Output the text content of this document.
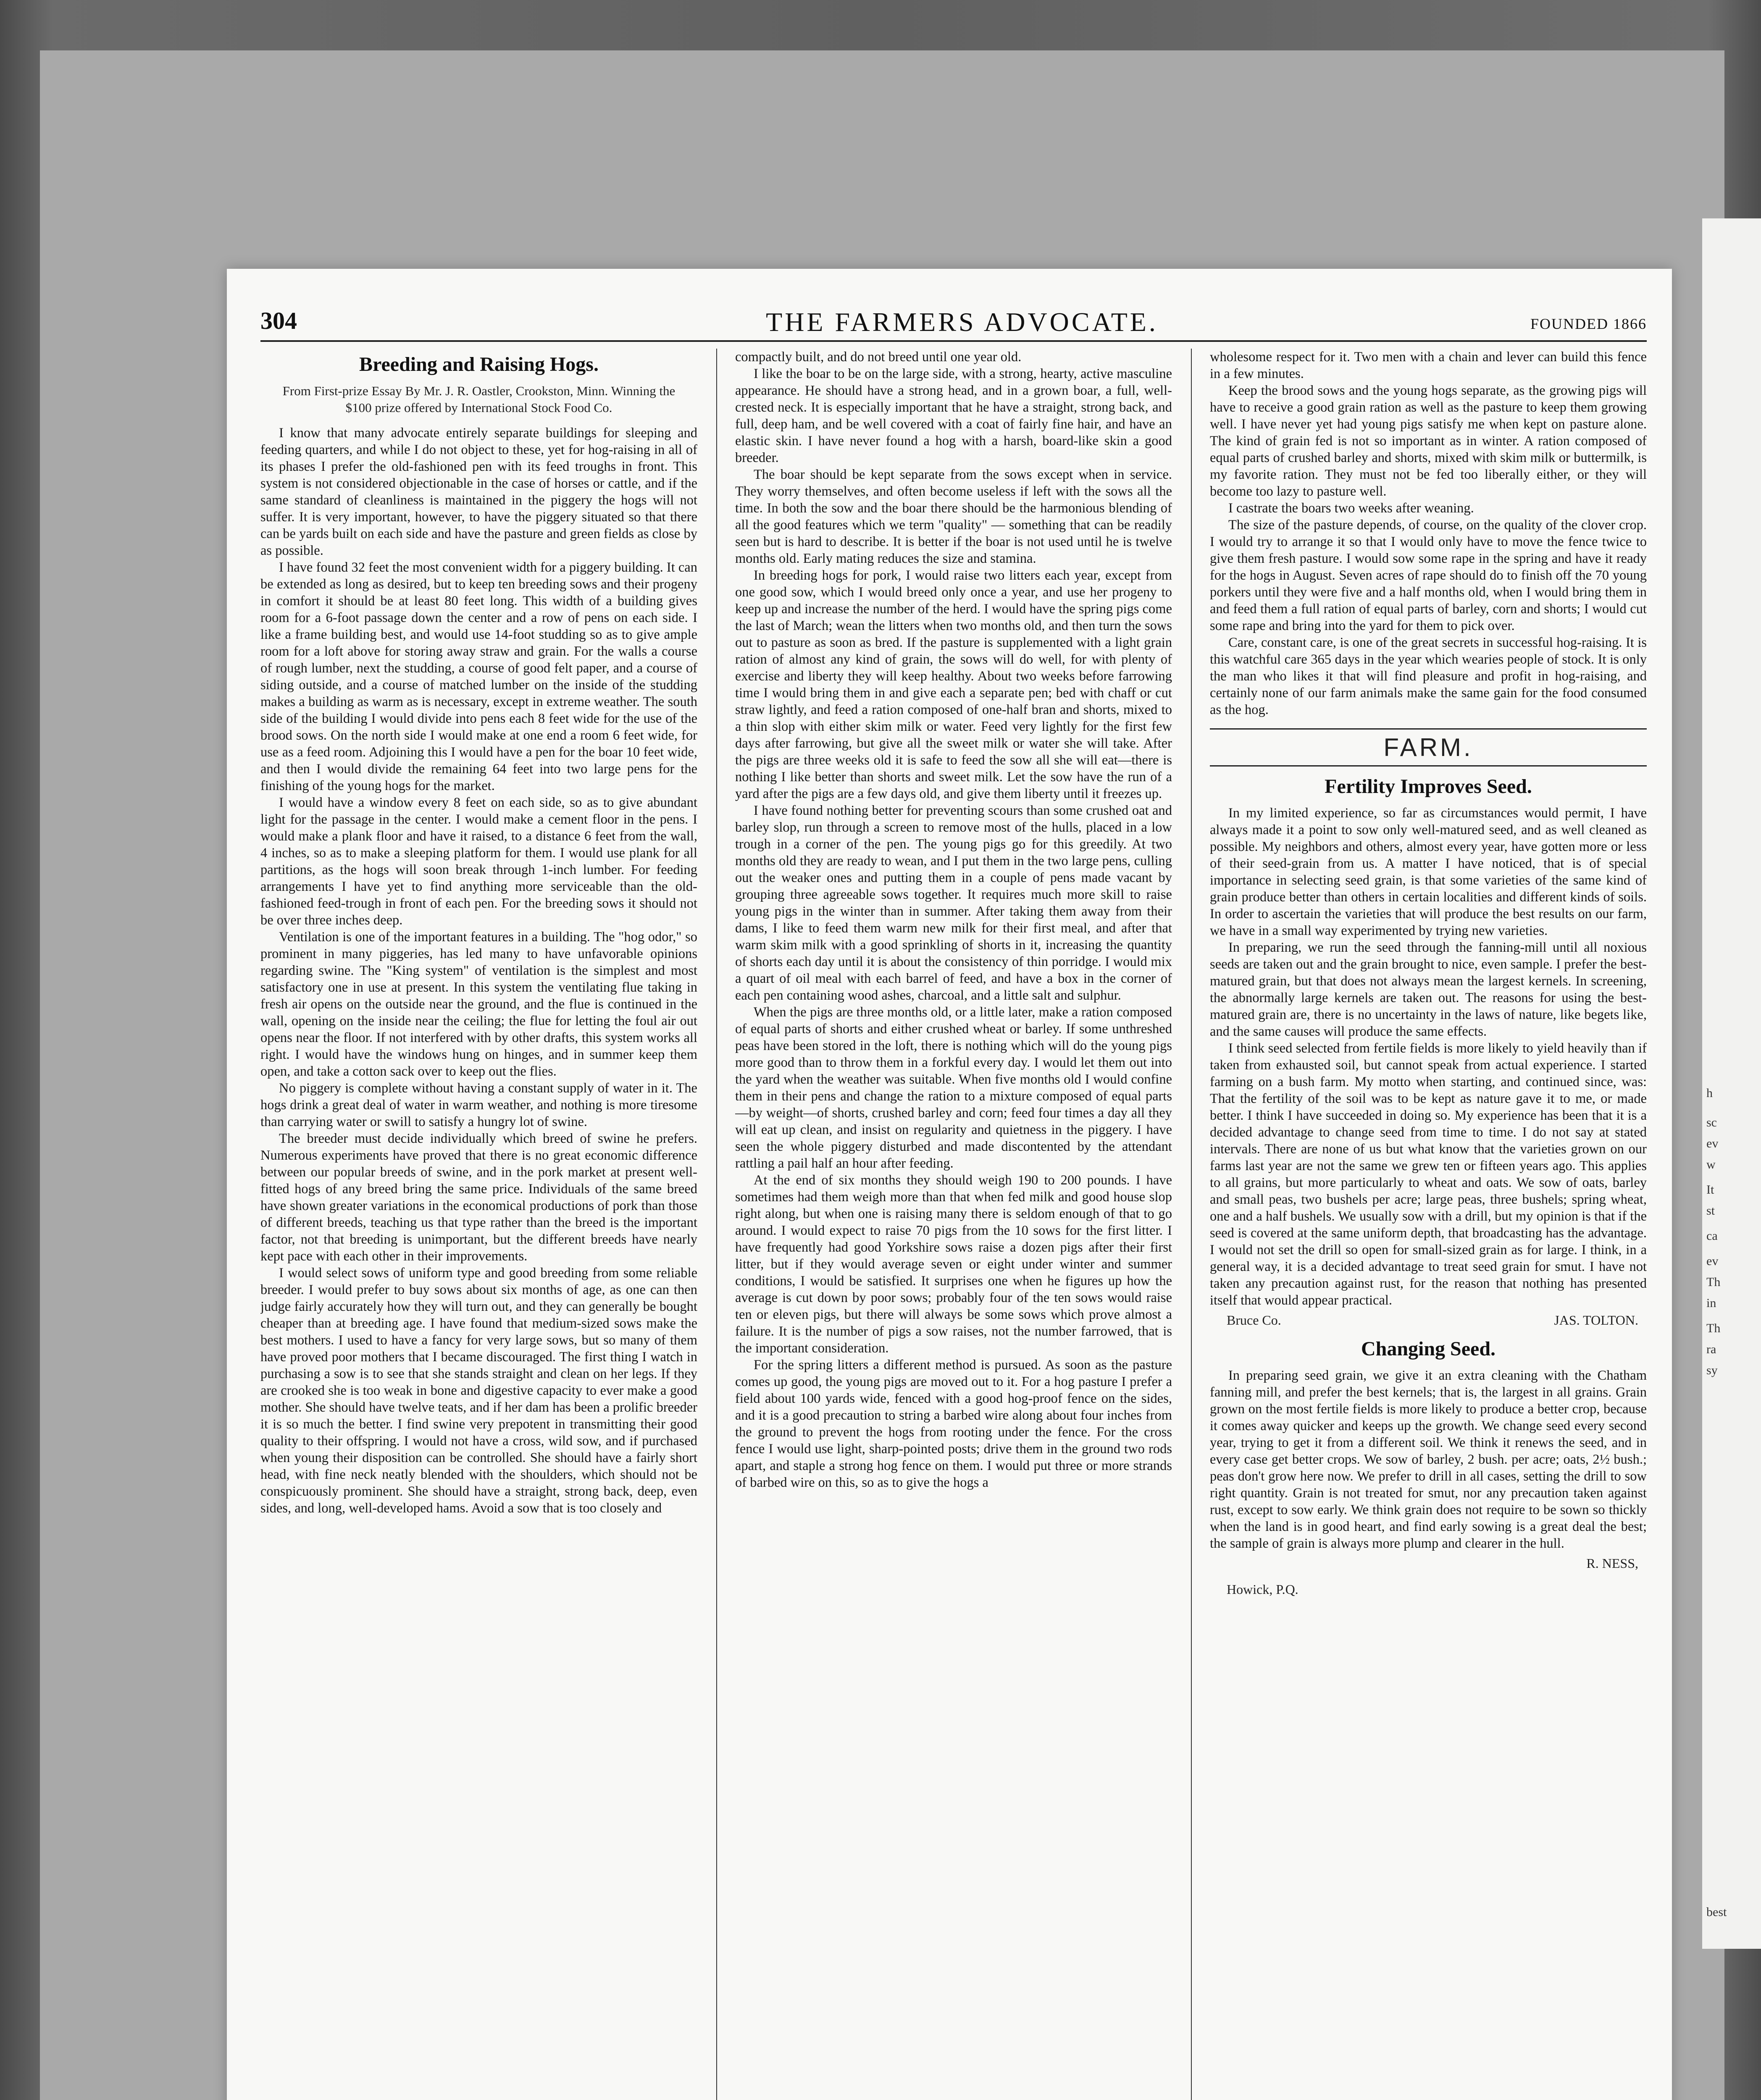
h
sc
ev
w
It
st
ca
ev
Th
in
Th
ra
sy
best
304	THE FARMERS ADVOCATE.	FOUNDED 1866
Breeding and Raising Hogs.
From First-prize Essay By Mr. J. R. Oastler, Crookston, Minn. Winning the $100 prize offered by International Stock Food Co.

I know that many advocate entirely separate buildings for sleeping and feeding quarters, and while I do not object to these, yet for hog-raising in all of its phases I prefer the old-fashioned pen with its feed troughs in front. This system is not considered objectionable in the case of horses or cattle, and if the same standard of cleanliness is maintained in the piggery the hogs will not suffer. It is very important, however, to have the piggery situated so that there can be yards built on each side and have the pasture and green fields as close by as possible.

I have found 32 feet the most convenient width for a piggery building. It can be extended as long as desired, but to keep ten breeding sows and their progeny in comfort it should be at least 80 feet long. This width of a building gives room for a 6-foot passage down the center and a row of pens on each side. I like a frame building best, and would use 14-foot studding so as to give ample room for a loft above for storing away straw and grain. For the walls a course of rough lumber, next the studding, a course of good felt paper, and a course of siding outside, and a course of matched lumber on the inside of the studding makes a building as warm as is necessary, except in extreme weather. The south side of the building I would divide into pens each 8 feet wide for the use of the brood sows. On the north side I would make at one end a room 6 feet wide, for use as a feed room. Adjoining this I would have a pen for the boar 10 feet wide, and then I would divide the remaining 64 feet into two large pens for the finishing of the young hogs for the market.

I would have a window every 8 feet on each side, so as to give abundant light for the passage in the center. I would make a cement floor in the pens. I would make a plank floor and have it raised, to a distance 6 feet from the wall, 4 inches, so as to make a sleeping platform for them. I would use plank for all partitions, as the hogs will soon break through 1-inch lumber. For feeding arrangements I have yet to find anything more serviceable than the old-fashioned feed-trough in front of each pen. For the breeding sows it should not be over three inches deep.

Ventilation is one of the important features in a building. The "hog odor," so prominent in many piggeries, has led many to have unfavorable opinions regarding swine. The "King system" of ventilation is the simplest and most satisfactory one in use at present. In this system the ventilating flue taking in fresh air opens on the outside near the ground, and the flue is continued in the wall, opening on the inside near the ceiling; the flue for letting the foul air out opens near the floor. If not interfered with by other drafts, this system works all right. I would have the windows hung on hinges, and in summer keep them open, and take a cotton sack over to keep out the flies.

No piggery is complete without having a constant supply of water in it. The hogs drink a great deal of water in warm weather, and nothing is more tiresome than carrying water or swill to satisfy a hungry lot of swine.

The breeder must decide individually which breed of swine he prefers. Numerous experiments have proved that there is no great economic difference between our popular breeds of swine, and in the pork market at present well-fitted hogs of any breed bring the same price. Individuals of the same breed have shown greater variations in the economical productions of pork than those of different breeds, teaching us that type rather than the breed is the important factor, not that breeding is unimportant, but the different breeds have nearly kept pace with each other in their improvements.

I would select sows of uniform type and good breeding from some reliable breeder. I would prefer to buy sows about six months of age, as one can then judge fairly accurately how they will turn out, and they can generally be bought cheaper than at breeding age. I have found that medium-sized sows make the best mothers. I used to have a fancy for very large sows, but so many of them have proved poor mothers that I became discouraged. The first thing I watch in purchasing a sow is to see that she stands straight and clean on her legs. If they are crooked she is too weak in bone and digestive capacity to ever make a good mother. She should have twelve teats, and if her dam has been a prolific breeder it is so much the better. I find swine very prepotent in transmitting their good quality to their offspring. I would not have a cross, wild sow, and if purchased when young their disposition can be controlled. She should have a fairly short head, with fine neck neatly blended with the shoulders, which should not be conspicuously prominent. She should have a straight, strong back, deep, even sides, and long, well-developed hams. Avoid a sow that is too closely and

compactly built, and do not breed until one year old.

I like the boar to be on the large side, with a strong, hearty, active masculine appearance. He should have a strong head, and in a grown boar, a full, well-crested neck. It is especially important that he have a straight, strong back, and full, deep ham, and be well covered with a coat of fairly fine hair, and have an elastic skin. I have never found a hog with a harsh, board-like skin a good breeder.

The boar should be kept separate from the sows except when in service. They worry themselves, and often become useless if left with the sows all the time. In both the sow and the boar there should be the harmonious blending of all the good features which we term "quality" — something that can be readily seen but is hard to describe. It is better if the boar is not used until he is twelve months old. Early mating reduces the size and stamina.

In breeding hogs for pork, I would raise two litters each year, except from one good sow, which I would breed only once a year, and use her progeny to keep up and increase the number of the herd. I would have the spring pigs come the last of March; wean the litters when two months old, and then turn the sows out to pasture as soon as bred. If the pasture is supplemented with a light grain ration of almost any kind of grain, the sows will do well, for with plenty of exercise and liberty they will keep healthy. About two weeks before farrowing time I would bring them in and give each a separate pen; bed with chaff or cut straw lightly, and feed a ration composed of one-half bran and shorts, mixed to a thin slop with either skim milk or water. Feed very lightly for the first few days after farrowing, but give all the sweet milk or water she will take. After the pigs are three weeks old it is safe to feed the sow all she will eat—there is nothing I like better than shorts and sweet milk. Let the sow have the run of a yard after the pigs are a few days old, and give them liberty until it freezes up.

I have found nothing better for preventing scours than some crushed oat and barley slop, run through a screen to remove most of the hulls, placed in a low trough in a corner of the pen. The young pigs go for this greedily. At two months old they are ready to wean, and I put them in the two large pens, culling out the weaker ones and putting them in a couple of pens made vacant by grouping three agreeable sows together. It requires much more skill to raise young pigs in the winter than in summer. After taking them away from their dams, I like to feed them warm new milk for their first meal, and after that warm skim milk with a good sprinkling of shorts in it, increasing the quantity of shorts each day until it is about the consistency of thin porridge. I would mix a quart of oil meal with each barrel of feed, and have a box in the corner of each pen containing wood ashes, charcoal, and a little salt and sulphur.

When the pigs are three months old, or a little later, make a ration composed of equal parts of shorts and either crushed wheat or barley. If some unthreshed peas have been stored in the loft, there is nothing which will do the young pigs more good than to throw them in a forkful every day. I would let them out into the yard when the weather was suitable. When five months old I would confine them in their pens and change the ration to a mixture composed of equal parts—by weight—of shorts, crushed barley and corn; feed four times a day all they will eat up clean, and insist on regularity and quietness in the piggery. I have seen the whole piggery disturbed and made discontented by the attendant rattling a pail half an hour after feeding.

At the end of six months they should weigh 190 to 200 pounds. I have sometimes had them weigh more than that when fed milk and good house slop right along, but when one is raising many there is seldom enough of that to go around. I would expect to raise 70 pigs from the 10 sows for the first litter. I have frequently had good Yorkshire sows raise a dozen pigs after their first litter, but if they would average seven or eight under winter and summer conditions, I would be satisfied. It surprises one when he figures up how the average is cut down by poor sows; probably four of the ten sows would raise ten or eleven pigs, but there will always be some sows which prove almost a failure. It is the number of pigs a sow raises, not the number farrowed, that is the important consideration.

For the spring litters a different method is pursued. As soon as the pasture comes up good, the young pigs are moved out to it. For a hog pasture I prefer a field about 100 yards wide, fenced with a good hog-proof fence on the sides, and it is a good precaution to string a barbed wire along about four inches from the ground to prevent the hogs from rooting under the fence. For the cross fence I would use light, sharp-pointed posts; drive them in the ground two rods apart, and staple a strong hog fence on them. I would put three or more strands of barbed wire on this, so as to give the hogs a

wholesome respect for it. Two men with a chain and lever can build this fence in a few minutes.

Keep the brood sows and the young hogs separate, as the growing pigs will have to receive a good grain ration as well as the pasture to keep them growing well. I have never yet had young pigs satisfy me when kept on pasture alone. The kind of grain fed is not so important as in winter. A ration composed of equal parts of crushed barley and shorts, mixed with skim milk or buttermilk, is my favorite ration. They must not be fed too liberally either, or they will become too lazy to pasture well.

I castrate the boars two weeks after weaning.

The size of the pasture depends, of course, on the quality of the clover crop. I would try to arrange it so that I would only have to move the fence twice to give them fresh pasture. I would sow some rape in the spring and have it ready for the hogs in August. Seven acres of rape should do to finish off the 70 young porkers until they were five and a half months old, when I would bring them in and feed them a full ration of equal parts of barley, corn and shorts; I would cut some rape and bring into the yard for them to pick over.

Care, constant care, is one of the great secrets in successful hog-raising. It is this watchful care 365 days in the year which wearies people of stock. It is only the man who likes it that will find pleasure and profit in hog-raising, and certainly none of our farm animals make the same gain for the food consumed as the hog.

FARM.
Fertility Improves Seed.

In my limited experience, so far as circumstances would permit, I have always made it a point to sow only well-matured seed, and as well cleaned as possible. My neighbors and others, almost every year, have gotten more or less of their seed-grain from us. A matter I have noticed, that is of special importance in selecting seed grain, is that some varieties of the same kind of grain produce better than others in certain localities and different kinds of soils. In order to ascertain the varieties that will produce the best results on our farm, we have in a small way experimented by trying new varieties.

In preparing, we run the seed through the fanning-mill until all noxious seeds are taken out and the grain brought to nice, even sample. I prefer the best-matured grain, but that does not always mean the largest kernels. In screening, the abnormally large kernels are taken out. The reasons for using the best-matured grain are, there is no uncertainty in the laws of nature, like begets like, and the same causes will produce the same effects.

I think seed selected from fertile fields is more likely to yield heavily than if taken from exhausted soil, but cannot speak from actual experience. I started farming on a bush farm. My motto when starting, and continued since, was: That the fertility of the soil was to be kept as nature gave it to me, or made better. I think I have succeeded in doing so. My experience has been that it is a decided advantage to change seed from time to time. I do not say at stated intervals. There are none of us but what know that the varieties grown on our farms last year are not the same we grew ten or fifteen years ago. This applies to all grains, but more particularly to wheat and oats. We sow of oats, barley and small peas, two bushels per acre; large peas, three bushels; spring wheat, one and a half bushels. We usually sow with a drill, but my opinion is that if the seed is covered at the same uniform depth, that broadcasting has the advantage. I would not set the drill so open for small-sized grain as for large. I think, in a general way, it is a decided advantage to treat seed grain for smut. I have not taken any precaution against rust, for the reason that nothing has presented itself that would appear practical.

Bruce Co.	JAS. TOLTON.
Changing Seed.

In preparing seed grain, we give it an extra cleaning with the Chatham fanning mill, and prefer the best kernels; that is, the largest in all grains. Grain grown on the most fertile fields is more likely to produce a better crop, because it comes away quicker and keeps up the growth. We change seed every second year, trying to get it from a different soil. We think it renews the seed, and in every case get better crops. We sow of barley, 2 bush. per acre; oats, 2½ bush.; peas don't grow here now. We prefer to drill in all cases, setting the drill to sow right quantity. Grain is not treated for smut, nor any precaution taken against rust, except to sow early. We think grain does not require to be sown so thickly when the land is in good heart, and find early sowing is a great deal the best; the sample of grain is always more plump and clearer in the hull.

R. NESS,
Howick, P.Q.
